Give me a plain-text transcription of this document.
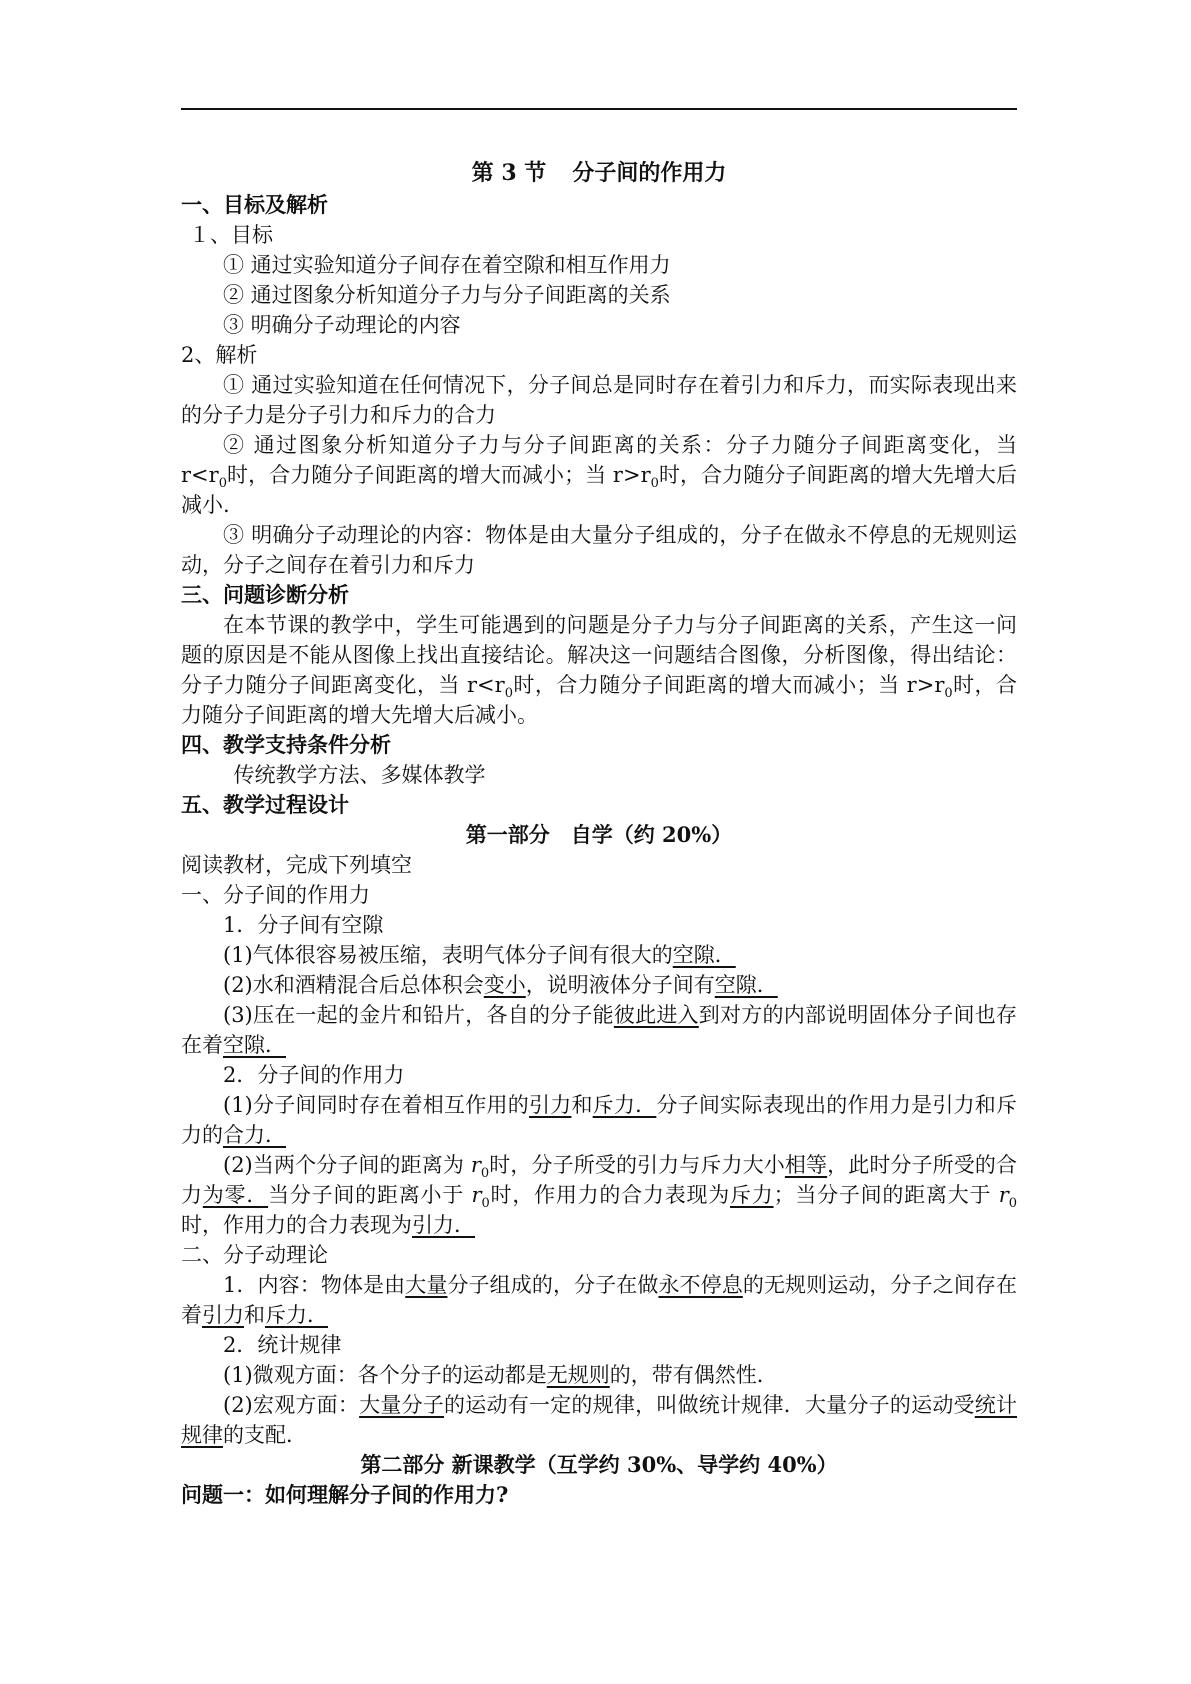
第 3 节 分子间的作用力
一、目标及解析
１、目标
① 通过实验知道分子间存在着空隙和相互作用力
② 通过图象分析知道分子力与分子间距离的关系
③ 明确分子动理论的内容
2、解析
① 通过实验知道在任何情况下，分子间总是同时存在着引力和斥力，而实际表现出来的分子力是分子引力和斥力的合力
② 通过图象分析知道分子力与分子间距离的关系：分子力随分子间距离变化，当 $r<r_0$时，合力随分子间距离的增大而减小；当 $r>r_0$时，合力随分子间距离的增大先增大后减小.
③ 明确分子动理论的内容：物体是由大量分子组成的，分子在做永不停息的无规则运动，分子之间存在着引力和斥力
三、问题诊断分析
在本节课的教学中，学生可能遇到的问题是分子力与分子间距离的关系，产生这一问题的原因是不能从图像上找出直接结论。解决这一问题结合图像，分析图像，得出结论：分子力随分子间距离变化，当 $r<r_0$时，合力随分子间距离的增大而减小；当 $r>r_0$时，合力随分子间距离的增大先增大后减小。
四、教学支持条件分析
传统教学方法、多媒体教学
五、教学过程设计
第一部分　自学（约 20%）
阅读教材，完成下列填空
一、分子间的作用力
1．分子间有空隙
(1)气体很容易被压缩，表明气体分子间有很大的空隙．
(2)水和酒精混合后总体积会变小，说明液体分子间有空隙．
(3)压在一起的金片和铅片，各自的分子能彼此进入到对方的内部说明固体分子间也存在着空隙．
2．分子间的作用力
(1)分子间同时存在着相互作用的引力和斥力．分子间实际表现出的作用力是引力和斥力的合力．
(2)当两个分子间的距离为 $r_0$时，分子所受的引力与斥力大小相等，此时分子所受的合力为零．当分子间的距离小于 $r_0$时，作用力的合力表现为斥力；当分子间的距离大于 $r_0$时，作用力的合力表现为引力．
二、分子动理论
1．内容：物体是由大量分子组成的，分子在做永不停息的无规则运动，分子之间存在着引力和斥力．
2．统计规律
(1)微观方面：各个分子的运动都是无规则的，带有偶然性．
(2)宏观方面：大量分子的运动有一定的规律，叫做统计规律．大量分子的运动受统计规律的支配．
第二部分 新课教学（互学约 30%、导学约 40%）
问题一：如何理解分子间的作用力?
